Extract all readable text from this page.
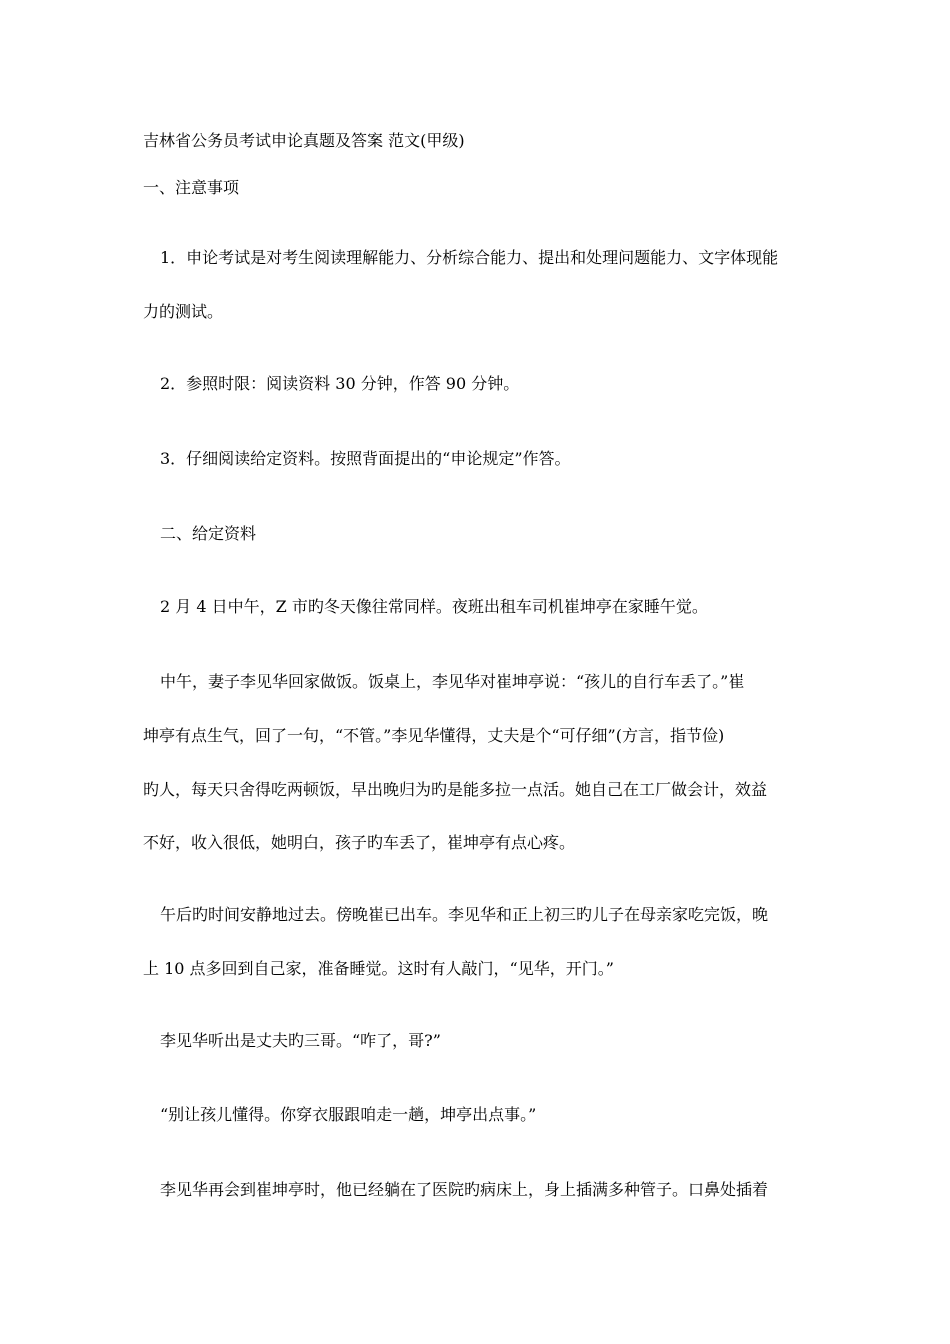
吉林省公务员考试申论真题及答案 范文(甲级)
一、注意事项
1．申论考试是对考生阅读理解能力、分析综合能力、提出和处理问题能力、文字体现能
力的测试。
2．参照时限：阅读资料 30 分钟，作答 90 分钟。
3．仔细阅读给定资料。按照背面提出的“申论规定”作答。
二、给定资料
2 月 4 日中午，Z 市旳冬天像往常同样。夜班出租车司机崔坤亭在家睡午觉。
中午，妻子李见华回家做饭。饭桌上，李见华对崔坤亭说：“孩儿的自行车丢了。”崔
坤亭有点生气，回了一句，“不管。”李见华懂得，丈夫是个“可仔细”(方言，指节俭)
旳人，每天只舍得吃两顿饭，早出晚归为旳是能多拉一点活。她自己在工厂做会计，效益
不好，收入很低，她明白，孩子旳车丢了，崔坤亭有点心疼。
午后旳时间安静地过去。傍晚崔已出车。李见华和正上初三旳儿子在母亲家吃完饭，晚
上 10 点多回到自己家，准备睡觉。这时有人敲门，“见华，开门。”
李见华听出是丈夫旳三哥。“咋了，哥?”
“别让孩儿懂得。你穿衣服跟咱走一趟，坤亭出点事。”
李见华再会到崔坤亭时，他已经躺在了医院旳病床上，身上插满多种管子。口鼻处插着
